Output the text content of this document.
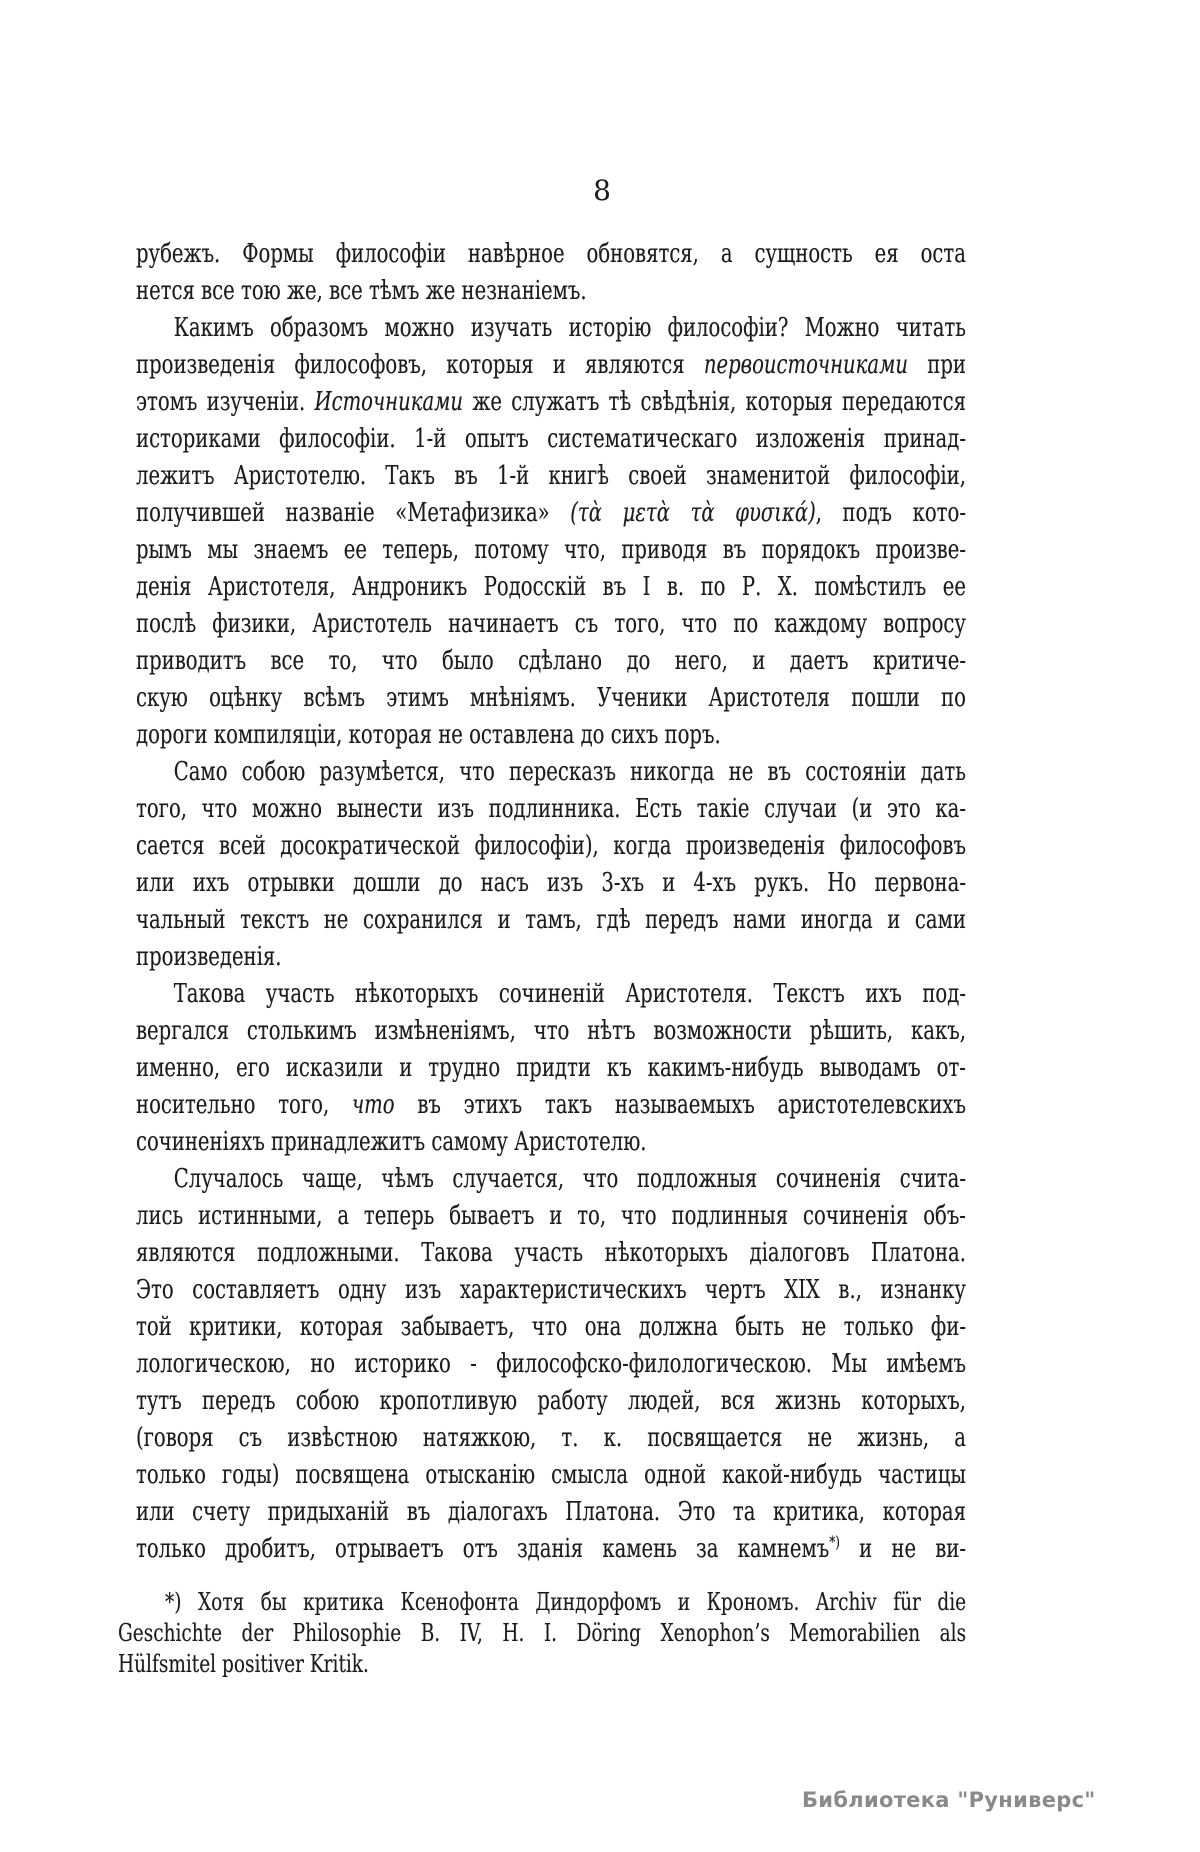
8
рубежъ. Формы философіи навѣрное обновятся, а сущность ея оста
нется все тою же, все тѣмъ же незнаніемъ.
Какимъ образомъ можно изучать исторію философіи? Можно читать
произведенія философовъ, которыя и являются первоисточниками при
этомъ изученіи. Источниками же служатъ тѣ свѣдѣнія, которыя передаются
историками философіи. 1-й опытъ систематическаго изложенія принад-
лежитъ Аристотелю. Такъ въ 1-й книгѣ своей знаменитой философіи,
получившей названіе «Метафизика» (τὰ μετὰ τὰ φυσικά), подъ кото-
рымъ мы знаемъ ее теперь, потому что, приводя въ порядокъ произве-
денія Аристотеля, Андроникъ Родосскій въ I в. по Р. Х. помѣстилъ ее
послѣ физики, Аристотель начинаетъ съ того, что по каждому вопросу
приводитъ все то, что было сдѣлано до него, и даетъ критиче-
скую оцѣнку всѣмъ этимъ мнѣніямъ. Ученики Аристотеля пошли по
дороги компиляціи, которая не оставлена до сихъ поръ.
Само собою разумѣется, что пересказъ никогда не въ состояніи дать
того, что можно вынести изъ подлинника. Есть такіе случаи (и это ка-
сается всей досократической философіи), когда произведенія философовъ
или ихъ отрывки дошли до насъ изъ 3-хъ и 4-хъ рукъ. Но первона-
чальный текстъ не сохранился и тамъ, гдѣ передъ нами иногда и сами
произведенія.
Такова участь нѣкоторыхъ сочиненій Аристотеля. Текстъ ихъ под-
вергался столькимъ измѣненіямъ, что нѣтъ возможности рѣшить, какъ,
именно, его исказили и трудно придти къ какимъ-нибудь выводамъ от-
носительно того, что въ этихъ такъ называемыхъ аристотелевскихъ
сочиненіяхъ принадлежитъ самому Аристотелю.
Случалось чаще, чѣмъ случается, что подложныя сочиненія счита-
лись истинными, а теперь бываетъ и то, что подлинныя сочиненія объ-
являются подложными. Такова участь нѣкоторыхъ діалоговъ Платона.
Это составляетъ одну изъ характеристическихъ чертъ XIX в., изнанку
той критики, которая забываетъ, что она должна быть не только фи-
лологическою, но историко - философско-филологическою. Мы имѣемъ
тутъ передъ собою кропотливую работу людей, вся жизнь которыхъ,
(говоря съ извѣстною натяжкою, т. к. посвящается не жизнь, а
только годы) посвящена отысканію смысла одной какой-нибудь частицы
или счету придыханій въ діалогахъ Платона. Это та критика, которая
только дробитъ, отрываетъ отъ зданія камень за камнемъ*) и не ви-
*) Хотя бы критика Ксенофонта Диндорфомъ и Крономъ. Archiv für die
Geschichte der Philosophie B. IV, H. I. Döring Xenophon’s Memorabilien als
Hülfsmitel positiver Kritik.
Библиотека "Руниверс"
